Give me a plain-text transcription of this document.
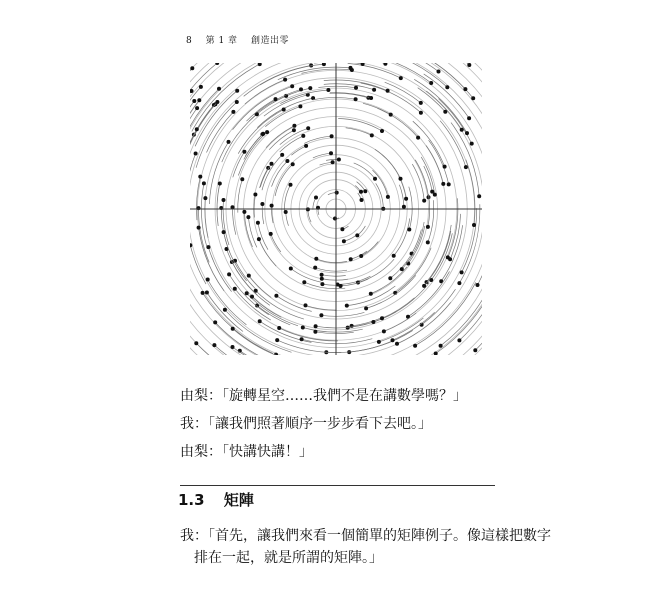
8 第 1 章 創造出零
由梨：「旋轉星空……我們不是在講數學嗎？」
我：「讓我們照著順序一步步看下去吧。」
由梨：「快講快講！」
1.3 矩陣
我：「首先，讓我們來看一個簡單的矩陣例子。像這樣把數字
排在一起，就是所謂的矩陣。」
